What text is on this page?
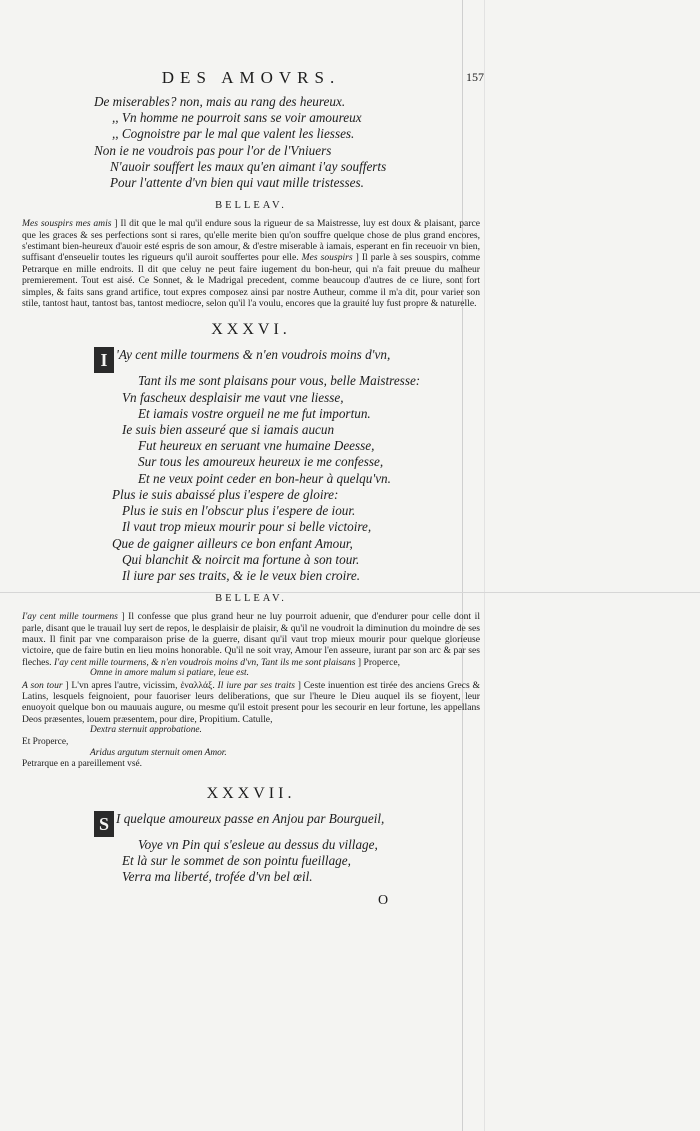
DES AMOVRS.	157
De miserables? non, mais au rang des heureux.
,, Vn homme ne pourroit sans se voir amoureux
,, Cognoistre par le mal que valent les liesses.
Non ie ne voudrois pas pour l'or de l'Vniuers
N'auoir souffert les maux qu'en aimant i'ay soufferts
Pour l'attente d'vn bien qui vaut mille tristesses.
BELLEAV.

Mes souspirs mes amis ] Il dit que le mal qu'il endure sous la rigueur de sa Maistresse, luy est doux & plaisant, parce que les graces & ses perfections sont si rares, qu'elle merite bien qu'on souffre quelque chose de plus grand encores, s'estimant bien-heureux d'auoir esté espris de son amour, & d'estre miserable à iamais, esperant en fin receuoir vn bien, suffisant d'enseuelir toutes les rigueurs qu'il auroit souffertes pour elle. Mes souspirs ] Il parle à ses souspirs, comme Petrarque en mille endroits. Il dit que celuy ne peut faire iugement du bon-heur, qui n'a fait preuue du malheur premierement. Tout est aisé. Ce Sonnet, & le Madrigal precedent, comme beaucoup d'autres de ce liure, sont fort simples, & faits sans grand artifice, tout expres composez ainsi par nostre Autheur, comme il m'a dit, pour varier son stile, tantost haut, tantost bas, tantost mediocre, selon qu'il l'a voulu, encores que la grauité luy fust propre & naturelle.

XXXVI.
I 'Ay cent mille tourmens & n'en voudrois moins d'vn,
Tant ils me sont plaisans pour vous, belle Maistresse:
Vn fascheux desplaisir me vaut vne liesse,
Et iamais vostre orgueil ne me fut importun.
Ie suis bien asseuré que si iamais aucun
Fut heureux en seruant vne humaine Deesse,
Sur tous les amoureux heureux ie me confesse,
Et ne veux point ceder en bon-heur à quelqu'vn.
Plus ie suis abaissé plus i'espere de gloire:
Plus ie suis en l'obscur plus i'espere de iour.
Il vaut trop mieux mourir pour si belle victoire,
Que de gaigner ailleurs ce bon enfant Amour,
Qui blanchit & noircit ma fortune à son tour.
Il iure par ses traits, & ie le veux bien croire.
BELLEAV.

I'ay cent mille tourmens ] Il confesse que plus grand heur ne luy pourroit aduenir, que d'endurer pour celle dont il parle, disant que le trauail luy sert de repos, le desplaisir de plaisir, & qu'il ne voudroit la diminution du moindre de ses maux. Il finit par vne comparaison prise de la guerre, disant qu'il vaut trop mieux mourir pour quelque glorieuse victoire, que de faire butin en lieu moins honorable. Qu'il ne soit vray, Amour l'en asseure, iurant par son arc & par ses fleches. I'ay cent mille tourmens, & n'en voudrois moins d'vn, Tant ils me sont plaisans ] Properce,

Omne in amore malum si patiare, leue est.

A son tour ] L'vn apres l'autre, vicissim, ἐναλλάξ. Il iure par ses traits ] Ceste inuention est tirée des anciens Grecs & Latins, lesquels feignoient, pour fauoriser leurs deliberations, que sur l'heure le Dieu auquel ils se fioyent, leur enuoyoit quelque bon ou mauuais augure, ou mesme qu'il estoit present pour les secourir en leur fortune, les appellans Deos præsentes, louem præsentem, pour dire, Propitium. Catulle,

Dextra sternuit approbatione.
Et Properce,
Aridus argutum sternuit omen Amor.
Petrarque en a pareillement vsé.
XXXVII.
S I quelque amoureux passe en Anjou par Bourgueil,
Voye vn Pin qui s'esleue au dessus du village,
Et là sur le sommet de son pointu fueillage,
Verra ma liberté, trofée d'vn bel œil.
O
